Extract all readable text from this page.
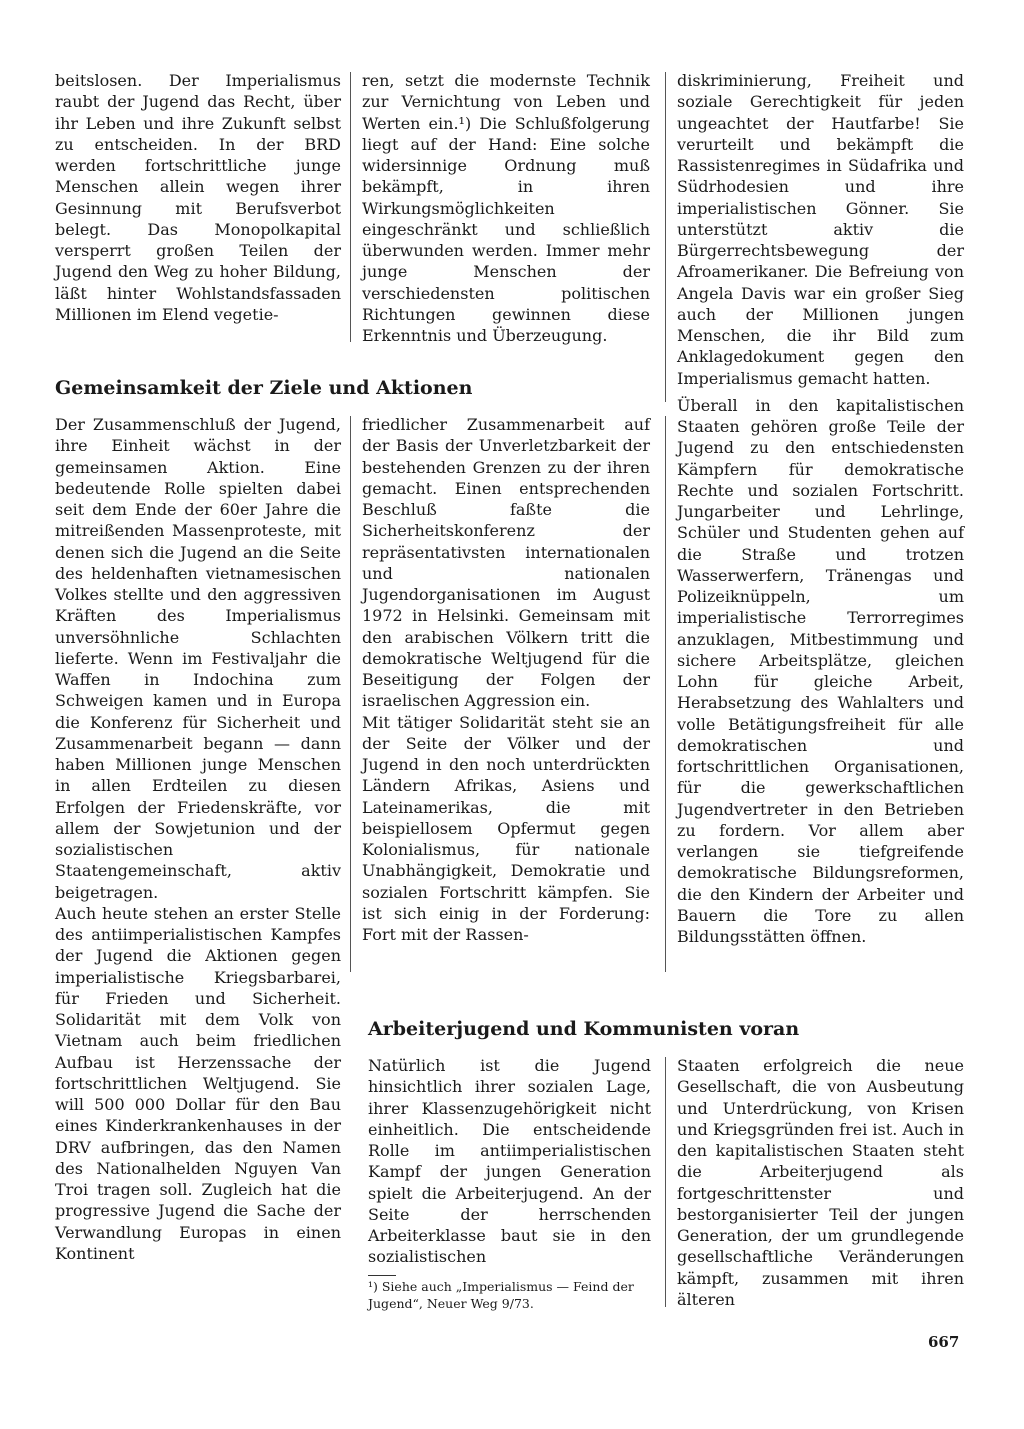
beitslosen. Der Imperialismus raubt der Jugend das Recht, über ihr Leben und ihre Zukunft selbst zu entscheiden. In der BRD werden fortschrittliche junge Menschen allein wegen ihrer Gesinnung mit Berufsverbot belegt. Das Monopolkapital versperrt großen Teilen der Jugend den Weg zu hoher Bildung, läßt hinter Wohlstandsfassaden Millionen im Elend vegetie-

ren, setzt die modernste Technik zur Vernichtung von Leben und Werten ein.¹) Die Schlußfolgerung liegt auf der Hand: Eine solche widersinnige Ordnung muß bekämpft, in ihren Wirkungsmöglichkeiten eingeschränkt und schließlich überwunden werden. Immer mehr junge Menschen der verschiedensten politischen Richtungen gewinnen diese Erkenntnis und Überzeugung.

Gemeinsamkeit der Ziele und Aktionen

Der Zusammenschluß der Jugend, ihre Einheit wächst in der gemeinsamen Aktion. Eine bedeutende Rolle spielten dabei seit dem Ende der 60er Jahre die mitreißenden Massenproteste, mit denen sich die Jugend an die Seite des heldenhaften vietnamesischen Volkes stellte und den aggressiven Kräften des Imperialismus unversöhnliche Schlachten lieferte. Wenn im Festivaljahr die Waffen in Indochina zum Schweigen kamen und in Europa die Konferenz für Sicherheit und Zusammenarbeit begann — dann haben Millionen junge Menschen in allen Erdteilen zu diesen Erfolgen der Friedenskräfte, vor allem der Sowjetunion und der sozialistischen Staatengemeinschaft, aktiv beigetragen.

Auch heute stehen an erster Stelle des antiimperialistischen Kampfes der Jugend die Aktionen gegen imperialistische Kriegsbarbarei, für Frieden und Sicherheit. Solidarität mit dem Volk von Vietnam auch beim friedlichen Aufbau ist Herzenssache der fortschrittlichen Weltjugend. Sie will 500 000 Dollar für den Bau eines Kinderkrankenhauses in der DRV aufbringen, das den Namen des Nationalhelden Nguyen Van Troi tragen soll. Zugleich hat die progressive Jugend die Sache der Verwandlung Europas in einen Kontinent

friedlicher Zusammenarbeit auf der Basis der Unverletzbarkeit der bestehenden Grenzen zu der ihren gemacht. Einen entsprechenden Beschluß faßte die Sicherheitskonferenz der repräsentativsten internationalen und nationalen Jugendorganisationen im August 1972 in Helsinki. Gemeinsam mit den arabischen Völkern tritt die demokratische Weltjugend für die Beseitigung der Folgen der israelischen Aggression ein.

Mit tätiger Solidarität steht sie an der Seite der Völker und der Jugend in den noch unterdrückten Ländern Afrikas, Asiens und Lateinamerikas, die mit beispiellosem Opfermut gegen Kolonialismus, für nationale Unabhängigkeit, Demokratie und sozialen Fortschritt kämpfen. Sie ist sich einig in der Forderung: Fort mit der Rassen-

diskriminierung, Freiheit und soziale Gerechtigkeit für jeden ungeachtet der Hautfarbe! Sie verurteilt und bekämpft die Rassistenregimes in Südafrika und Südrhodesien und ihre imperialistischen Gönner. Sie unterstützt aktiv die Bürgerrechtsbewegung der Afroamerikaner. Die Befreiung von Angela Davis war ein großer Sieg auch der Millionen jungen Menschen, die ihr Bild zum Anklagedokument gegen den Imperialismus gemacht hatten.

Überall in den kapitalistischen Staaten gehören große Teile der Jugend zu den entschiedensten Kämpfern für demokratische Rechte und sozialen Fortschritt. Jungarbeiter und Lehrlinge, Schüler und Studenten gehen auf die Straße und trotzen Wasserwerfern, Tränengas und Polizeiknüppeln, um imperialistische Terrorregimes anzuklagen, Mitbestimmung und sichere Arbeitsplätze, gleichen Lohn für gleiche Arbeit, Herabsetzung des Wahlalters und volle Betätigungsfreiheit für alle demokratischen und fortschrittlichen Organisationen, für die gewerkschaftlichen Jugendvertreter in den Betrieben zu fordern. Vor allem aber verlangen sie tiefgreifende demokratische Bildungsreformen, die den Kindern der Arbeiter und Bauern die Tore zu allen Bildungsstätten öffnen.

Arbeiterjugend und Kommunisten voran

Natürlich ist die Jugend hinsichtlich ihrer sozialen Lage, ihrer Klassenzugehörigkeit nicht einheitlich. Die entscheidende Rolle im antiimperialistischen Kampf der jungen Generation spielt die Arbeiterjugend. An der Seite der herrschenden Arbeiterklasse baut sie in den sozialistischen

Staaten erfolgreich die neue Gesellschaft, die von Ausbeutung und Unterdrückung, von Krisen und Kriegsgründen frei ist. Auch in den kapitalistischen Staaten steht die Arbeiterjugend als fortgeschrittenster und bestorganisierter Teil der jungen Generation, der um grundlegende gesellschaftliche Veränderungen kämpft, zusammen mit ihren älteren

¹) Siehe auch „Imperialismus — Feind der Jugend“, Neuer Weg 9/73.
667
